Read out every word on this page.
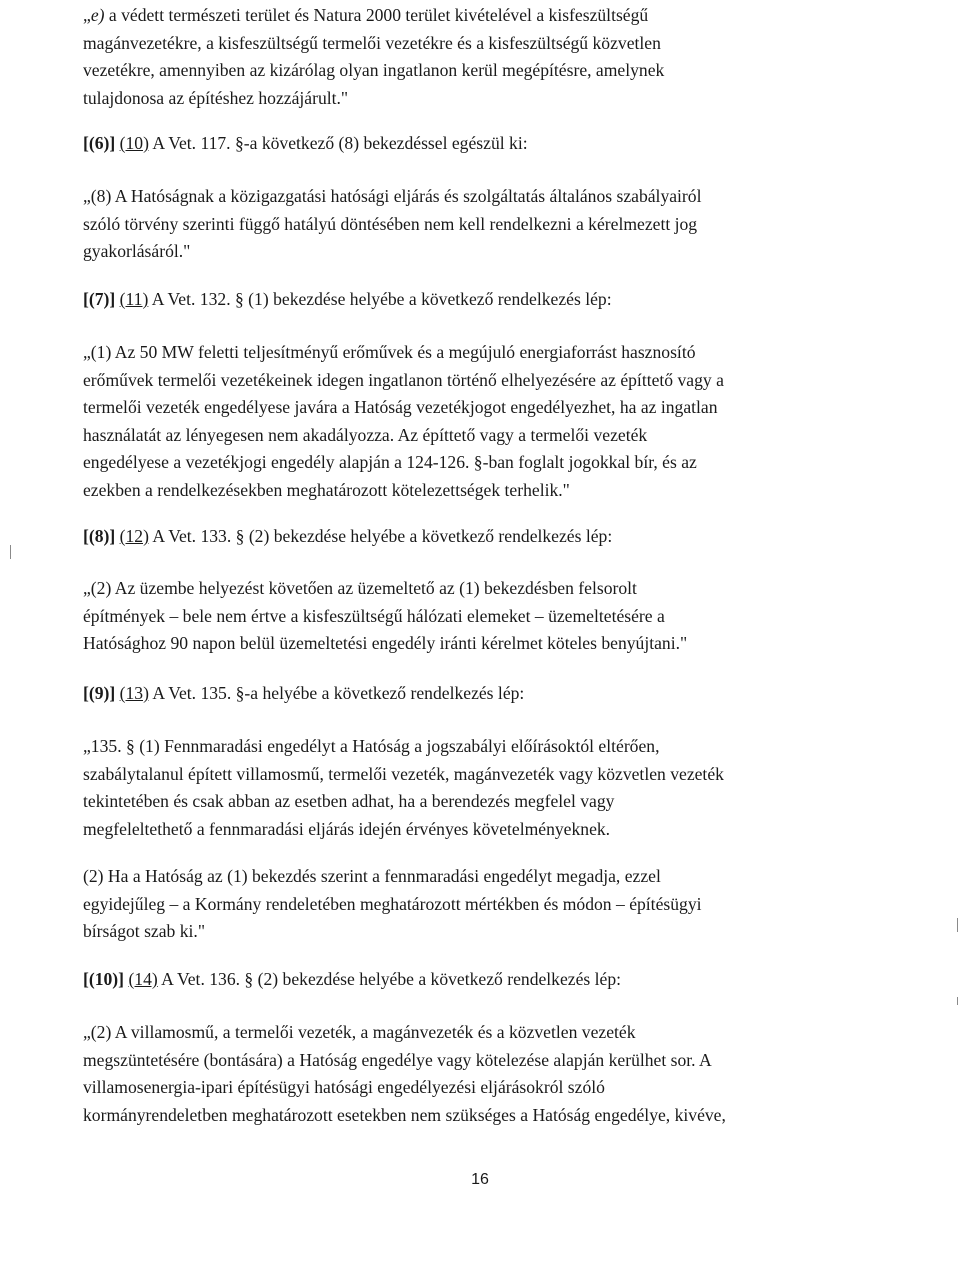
„e) a védett természeti terület és Natura 2000 terület kivételével a kisfeszültségű
magánvezetékre, a kisfeszültségű termelői vezetékre és a kisfeszültségű közvetlen
vezetékre, amennyiben az kizárólag olyan ingatlanon kerül megépítésre, amelynek
tulajdonosa az építéshez hozzájárult."
[(6)] (10) A Vet. 117. §-a következő (8) bekezdéssel egészül ki:
„(8) A Hatóságnak a közigazgatási hatósági eljárás és szolgáltatás általános szabályairól
szóló törvény szerinti függő hatályú döntésében nem kell rendelkezni a kérelmezett jog
gyakorlásáról."
[(7)] (11) A Vet. 132. § (1) bekezdése helyébe a következő rendelkezés lép:
„(1) Az 50 MW feletti teljesítményű erőművek és a megújuló energiaforrást hasznosító
erőművek termelői vezetékeinek idegen ingatlanon történő elhelyezésére az építtető vagy a
termelői vezeték engedélyese javára a Hatóság vezetékjogot engedélyezhet, ha az ingatlan
használatát az lényegesen nem akadályozza. Az építtető vagy a termelői vezeték
engedélyese a vezetékjogi engedély alapján a 124-126. §-ban foglalt jogokkal bír, és az
ezekben a rendelkezésekben meghatározott kötelezettségek terhelik."
[(8)] (12) A Vet. 133. § (2) bekezdése helyébe a következő rendelkezés lép:
„(2) Az üzembe helyezést követően az üzemeltető az (1) bekezdésben felsorolt
építmények – bele nem értve a kisfeszültségű hálózati elemeket – üzemeltetésére a
Hatósághoz 90 napon belül üzemeltetési engedély iránti kérelmet köteles benyújtani."
[(9)] (13) A Vet. 135. §-a helyébe a következő rendelkezés lép:
„135. § (1) Fennmaradási engedélyt a Hatóság a jogszabályi előírásoktól eltérően,
szabálytalanul épített villamosmű, termelői vezeték, magánvezeték vagy közvetlen vezeték
tekintetében és csak abban az esetben adhat, ha a berendezés megfelel vagy
megfeleltethető a fennmaradási eljárás idején érvényes követelményeknek.
(2) Ha a Hatóság az (1) bekezdés szerint a fennmaradási engedélyt megadja, ezzel
egyidejűleg – a Kormány rendeletében meghatározott mértékben és módon – építésügyi
bírságot szab ki."
[(10)] (14) A Vet. 136. § (2) bekezdése helyébe a következő rendelkezés lép:
„(2) A villamosmű, a termelői vezeték, a magánvezeték és a közvetlen vezeték
megszüntetésére (bontására) a Hatóság engedélye vagy kötelezése alapján kerülhet sor. A
villamosenergia-ipari építésügyi hatósági engedélyezési eljárásokról szóló
kormányrendeletben meghatározott esetekben nem szükséges a Hatóság engedélye, kivéve,
16
